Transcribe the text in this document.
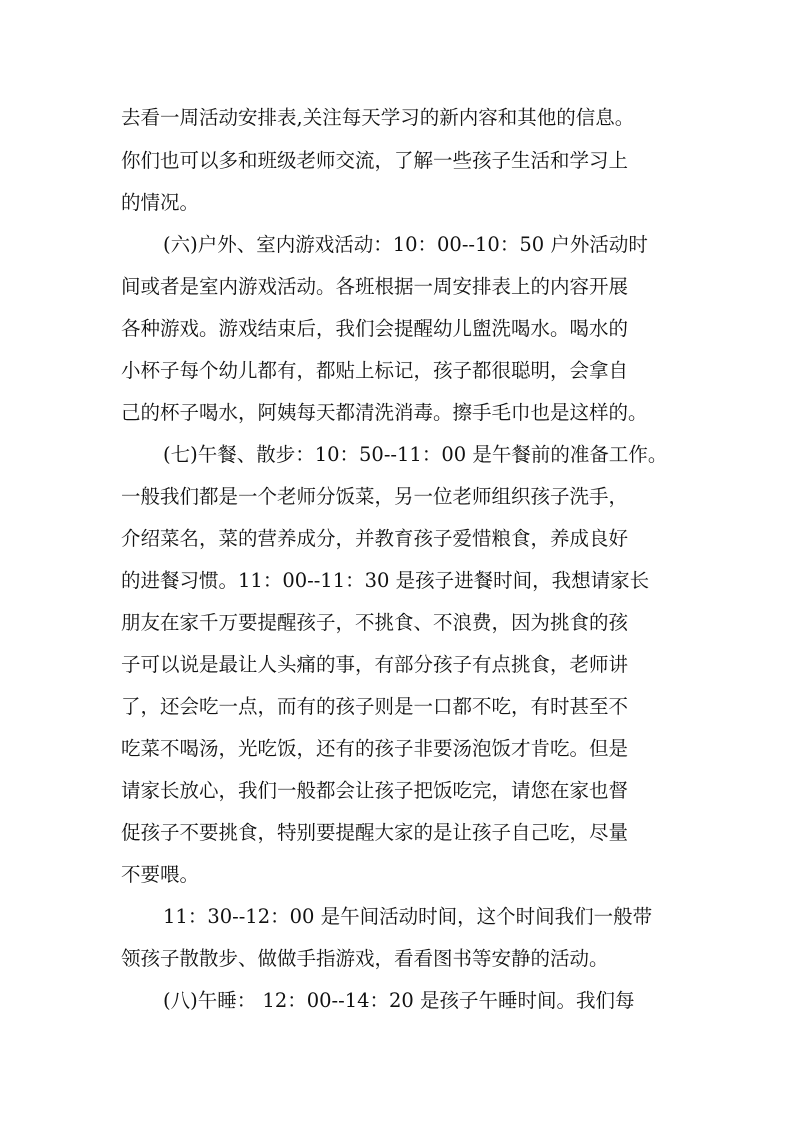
去看一周活动安排表,关注每天学习的新内容和其他的信息。
你们也可以多和班级老师交流，了解一些孩子生活和学习上
的情况。
(六)户外、室内游戏活动：10：00--10：50 户外活动时
间或者是室内游戏活动。各班根据一周安排表上的内容开展
各种游戏。游戏结束后，我们会提醒幼儿盥洗喝水。喝水的
小杯子每个幼儿都有，都贴上标记，孩子都很聪明，会拿自
己的杯子喝水，阿姨每天都清洗消毒。擦手毛巾也是这样的。
(七)午餐、散步：10：50--11：00 是午餐前的准备工作。
一般我们都是一个老师分饭菜，另一位老师组织孩子洗手，
介绍菜名，菜的营养成分，并教育孩子爱惜粮食，养成良好
的进餐习惯。11：00--11：30 是孩子进餐时间，我想请家长
朋友在家千万要提醒孩子，不挑食、不浪费，因为挑食的孩
子可以说是最让人头痛的事，有部分孩子有点挑食，老师讲
了，还会吃一点，而有的孩子则是一口都不吃，有时甚至不
吃菜不喝汤，光吃饭，还有的孩子非要汤泡饭才肯吃。但是
请家长放心，我们一般都会让孩子把饭吃完，请您在家也督
促孩子不要挑食，特别要提醒大家的是让孩子自己吃，尽量
不要喂。
11：30--12：00 是午间活动时间，这个时间我们一般带
领孩子散散步、做做手指游戏，看看图书等安静的活动。
(八)午睡： 12：00--14：20 是孩子午睡时间。我们每
